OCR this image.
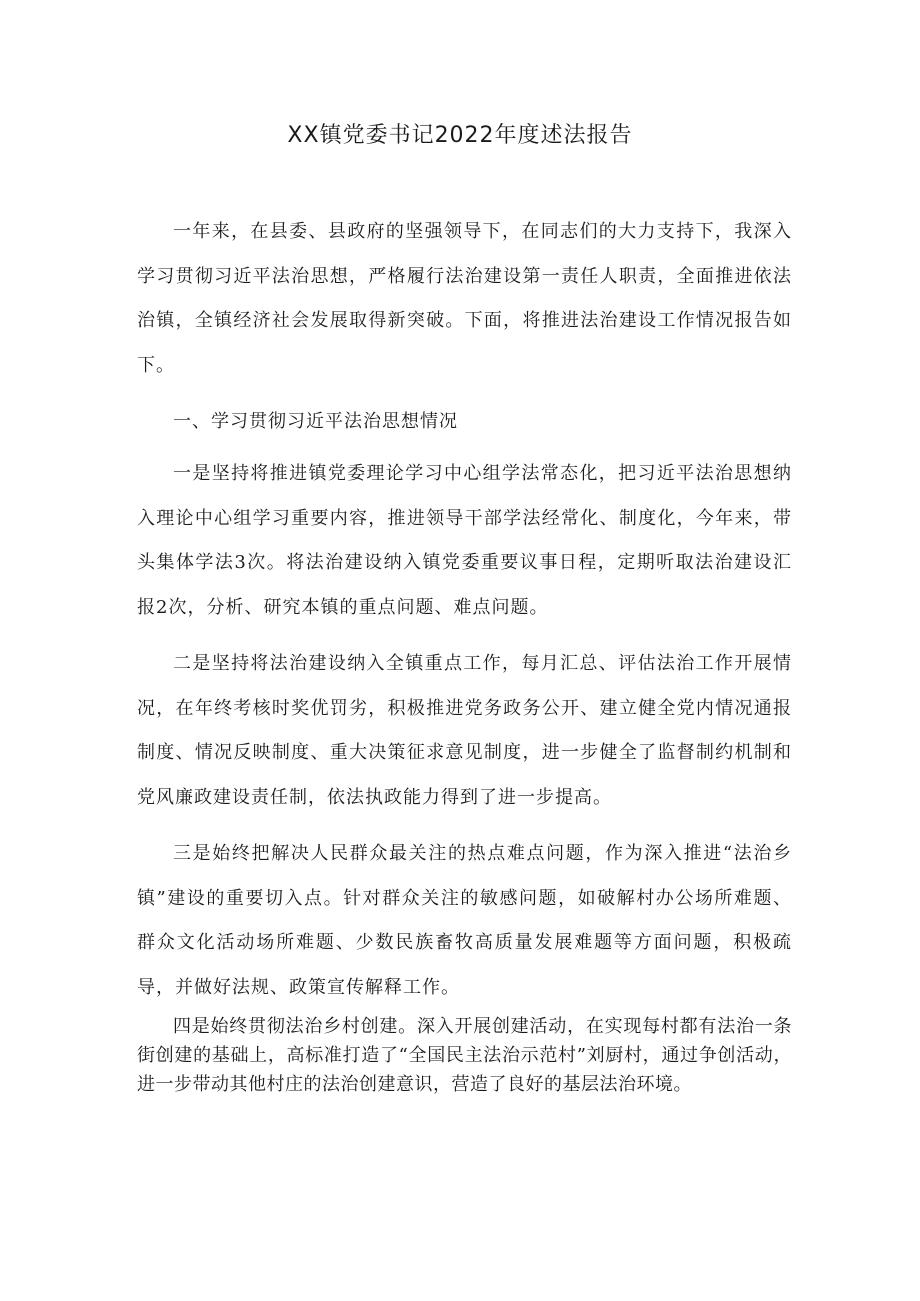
XX镇党委书记2022年度述法报告

一年来，在县委、县政府的坚强领导下，在同志们的大力支持下，我深入学习贯彻习近平法治思想，严格履行法治建设第一责任人职责，全面推进依法治镇，全镇经济社会发展取得新突破。下面，将推进法治建设工作情况报告如下。

一、学习贯彻习近平法治思想情况

一是坚持将推进镇党委理论学习中心组学法常态化，把习近平法治思想纳入理论中心组学习重要内容，推进领导干部学法经常化、制度化，今年来，带头集体学法3次。将法治建设纳入镇党委重要议事日程，定期听取法治建设汇报2次，分析、研究本镇的重点问题、难点问题。

二是坚持将法治建设纳入全镇重点工作，每月汇总、评估法治工作开展情况，在年终考核时奖优罚劣，积极推进党务政务公开、建立健全党内情况通报制度、情况反映制度、重大决策征求意见制度，进一步健全了监督制约机制和党风廉政建设责任制，依法执政能力得到了进一步提高。

三是始终把解决人民群众最关注的热点难点问题，作为深入推进“法治乡镇”建设的重要切入点。针对群众关注的敏感问题，如破解村办公场所难题、群众文化活动场所难题、少数民族畜牧高质量发展难题等方面问题，积极疏导，并做好法规、政策宣传解释工作。

四是始终贯彻法治乡村创建。深入开展创建活动，在实现每村都有法治一条街创建的基础上，高标准打造了“全国民主法治示范村”刘厨村，通过争创活动，进一步带动其他村庄的法治创建意识，营造了良好的基层法治环境。
